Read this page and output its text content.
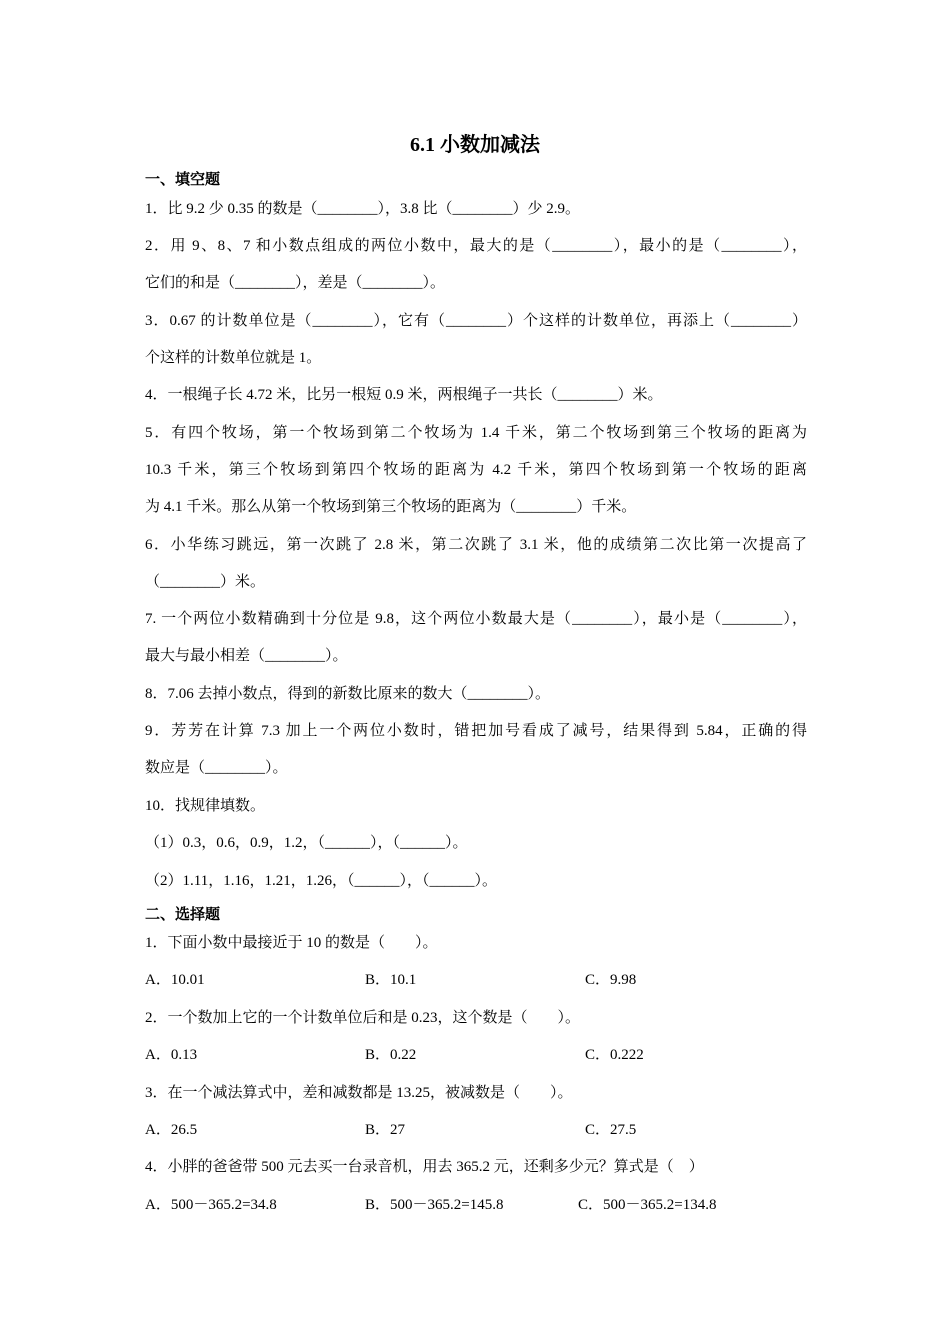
6.1 小数加减法
一、填空题
1．比 9.2 少 0.35 的数是（________），3.8 比（________）少 2.9。
2．用 9、8、7 和小数点组成的两位小数中，最大的是（________），最小的是（________），
它们的和是（________），差是（________）。
3．0.67 的计数单位是（________），它有（________）个这样的计数单位，再添上（________）
个这样的计数单位就是 1。
4．一根绳子长 4.72 米，比另一根短 0.9 米，两根绳子一共长（________）米。
5．有四个牧场，第一个牧场到第二个牧场为 1.4 千米，第二个牧场到第三个牧场的距离为
10.3 千米，第三个牧场到第四个牧场的距离为 4.2 千米，第四个牧场到第一个牧场的距离
为 4.1 千米。那么从第一个牧场到第三个牧场的距离为（________）千米。
6．小华练习跳远，第一次跳了 2.8 米，第二次跳了 3.1 米，他的成绩第二次比第一次提高了
（________）米。
7. 一个两位小数精确到十分位是 9.8，这个两位小数最大是（________），最小是（________），
最大与最小相差（________）。
8．7.06 去掉小数点，得到的新数比原来的数大（________）。
9．芳芳在计算 7.3 加上一个两位小数时，错把加号看成了减号，结果得到 5.84，正确的得
数应是（________）。
10．找规律填数。
（1）0.3，0.6，0.9，1.2，（______），（______）。
（2）1.11，1.16，1.21，1.26，（______），（______）。
二、选择题
1．下面小数中最接近于 10 的数是（　　）。
A．10.01	B．10.1	C．9.98
2．一个数加上它的一个计数单位后和是 0.23，这个数是（　　）。
A．0.13	B．0.22	C．0.222
3．在一个减法算式中，差和减数都是 13.25，被减数是（　　）。
A．26.5	B．27	C．27.5
4．小胖的爸爸带 500 元去买一台录音机，用去 365.2 元，还剩多少元？算式是（　）
A．500－365.2=34.8	B．500－365.2=145.8	C．500－365.2=134.8
